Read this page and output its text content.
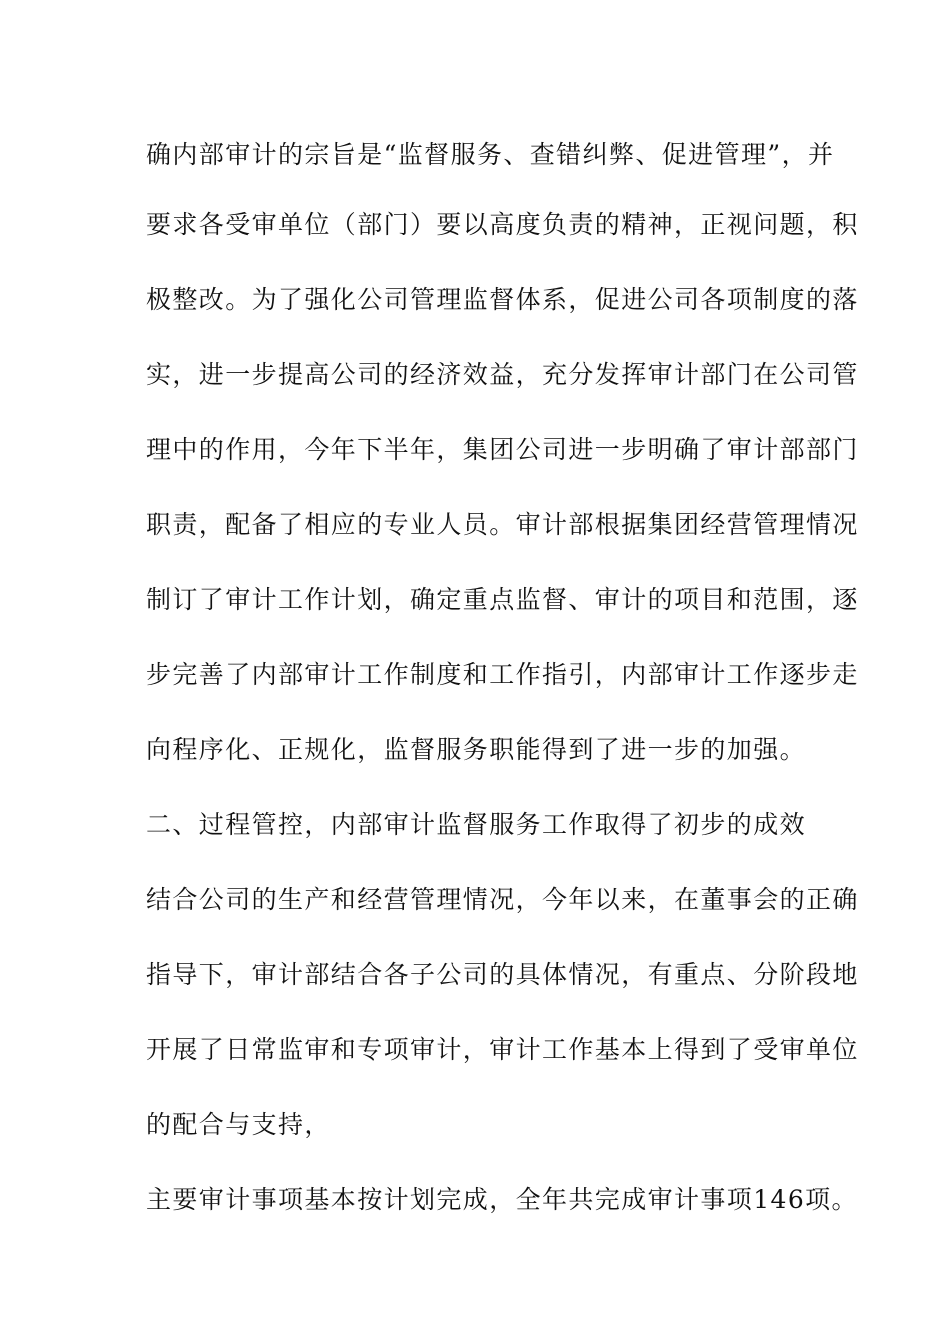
确内部审计的宗旨是“监督服务、查错纠弊、促进管理”，并
要求各受审单位（部门）要以高度负责的精神，正视问题，积
极整改。为了强化公司管理监督体系，促进公司各项制度的落
实，进一步提高公司的经济效益，充分发挥审计部门在公司管
理中的作用，今年下半年，集团公司进一步明确了审计部部门
职责，配备了相应的专业人员。审计部根据集团经营管理情况
制订了审计工作计划，确定重点监督、审计的项目和范围，逐
步完善了内部审计工作制度和工作指引，内部审计工作逐步走
向程序化、正规化，监督服务职能得到了进一步的加强。
二、过程管控，内部审计监督服务工作取得了初步的成效
结合公司的生产和经营管理情况，今年以来，在董事会的正确
指导下，审计部结合各子公司的具体情况，有重点、分阶段地
开展了日常监审和专项审计，审计工作基本上得到了受审单位
的配合与支持，
主要审计事项基本按计划完成，全年共完成审计事项146项。
